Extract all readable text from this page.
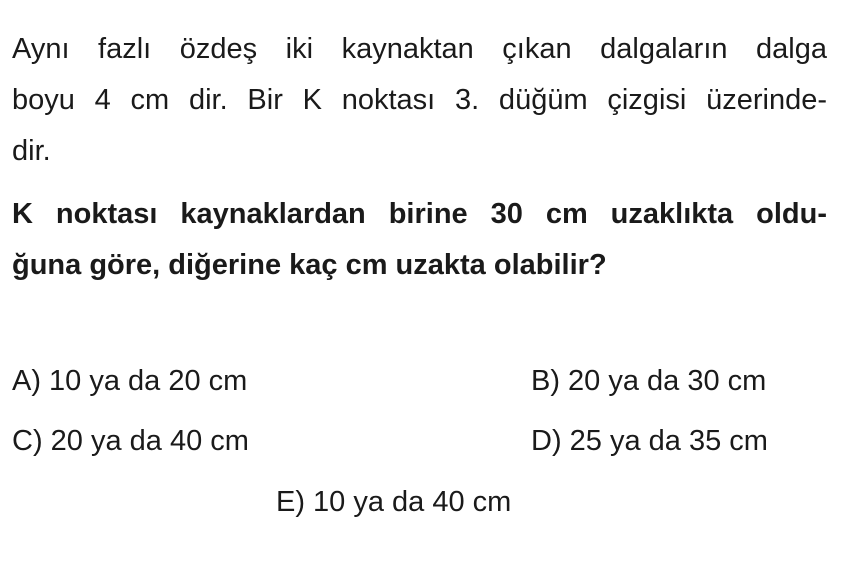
Aynı fazlı özdeş iki kaynaktan çıkan dalgaların dalga
boyu 4 cm dir. Bir K noktası 3. düğüm çizgisi üzerinde-
dir.
K noktası kaynaklardan birine 30 cm uzaklıkta oldu-
ğuna göre, diğerine kaç cm uzakta olabilir?
A) 10 ya da 20 cm	B) 20 ya da 30 cm
C) 20 ya da 40 cm	D) 25 ya da 35 cm
E) 10 ya da 40 cm
